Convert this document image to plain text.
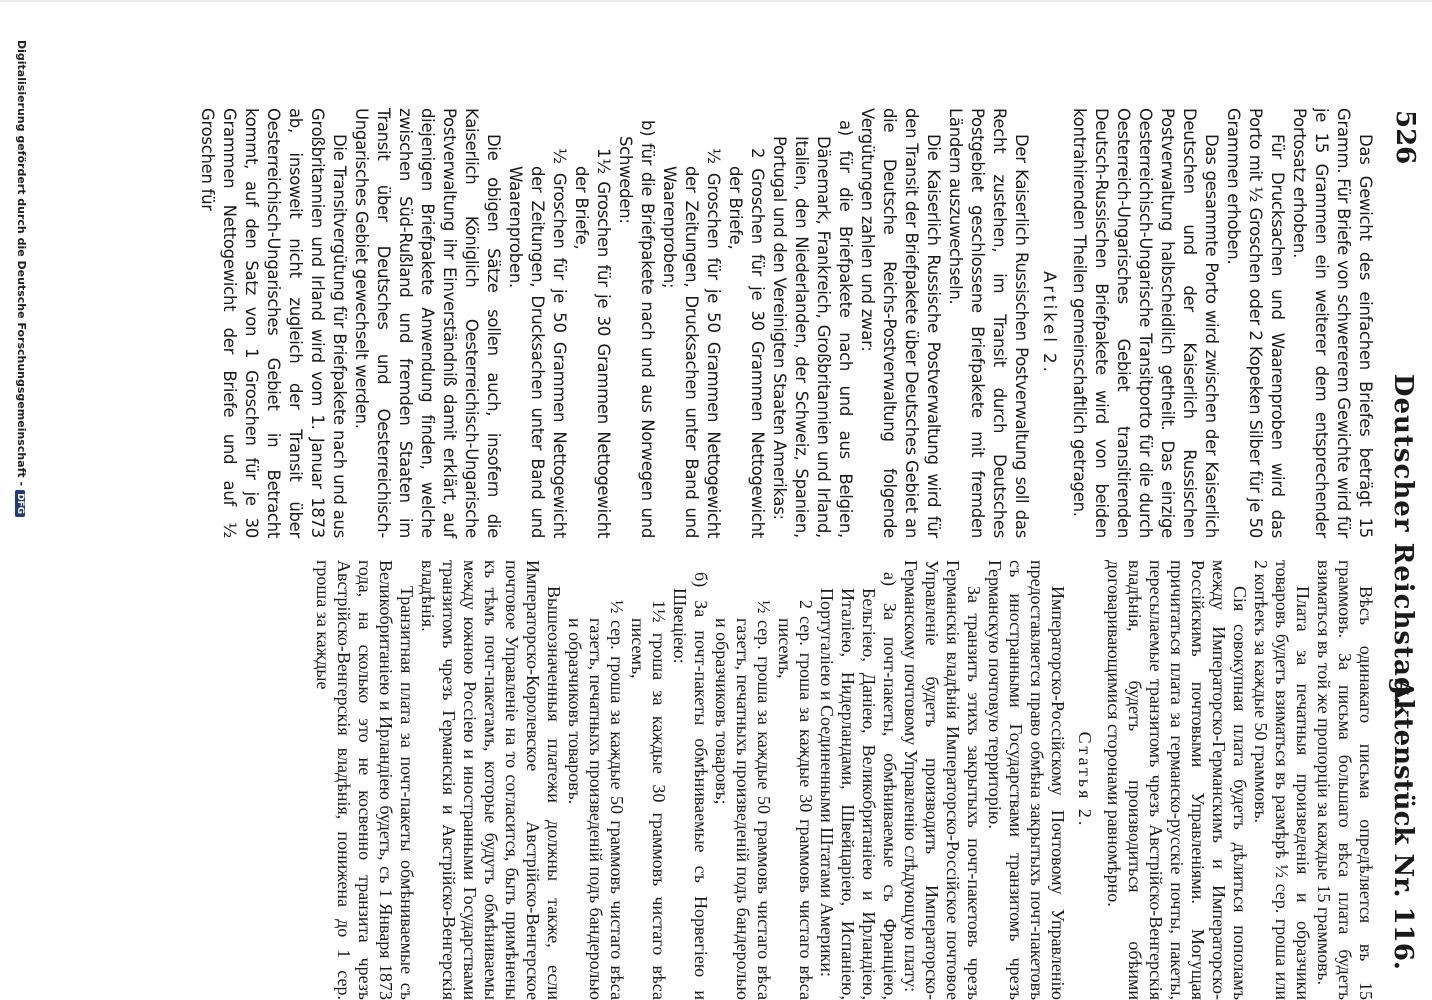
526
Deutscher Reichstag.
Aktenstück Nr. 116.

Das Gewicht des einfachen Briefes beträgt 15 Gramm. Für Briefe von schwererem Gewichte wird für je 15 Grammen ein weiterer dem entsprechender Portosatz erhoben.

Für Drucksachen und Waarenproben wird das Porto mit ½ Groschen oder 2 Kopeken Silber für je 50 Grammen erhoben.

Das gesammte Porto wird zwischen der Kaiserlich Deutschen und der Kaiserlich Russischen Postverwaltung halbscheidlich getheilt. Das einzige Oesterreichisch-Ungarische Transitporto für die durch Oesterreich-Ungarisches Gebiet transitirenden Deutsch-Russischen Briefpakete wird von beiden kontrahirenden Theilen gemeinschaftlich getragen.

Artikel 2.

Der Kaiserlich Russischen Postverwaltung soll das Recht zustehen, im Transit durch Deutsches Postgebiet geschlossene Briefpakete mit fremden Ländern auszuwechseln.

Die Kaiserlich Russische Postverwaltung wird für den Transit der Briefpakete über Deutsches Gebiet an die Deutsche Reichs-Postverwaltung folgende Vergütungen zahlen und zwar:

a) für die Briefpakete nach und aus Belgien, Dänemark, Frankreich, Großbritannien und Irland, Italien, den Niederlanden, der Schweiz, Spanien, Portugal und den Vereinigten Staaten Amerikas:

2 Groschen für je 30 Grammen Nettogewicht der Briefe,

½ Groschen für je 50 Grammen Nettogewicht der Zeitungen, Drucksachen unter Band und Waarenproben;

b) für die Briefpakete nach und aus Norwegen und Schweden:

1½ Groschen für je 30 Grammen Nettogewicht der Briefe,

½ Groschen für je 50 Grammen Nettogewicht der Zeitungen, Drucksachen unter Band und Waarenproben.

Die obigen Sätze sollen auch, insofern die Kaiserlich Königlich Oesterreichisch-Ungarische Postverwaltung ihr Einverständniß damit erklärt, auf diejenigen Briefpakete Anwendung finden, welche zwischen Süd-Rußland und fremden Staaten im Transit über Deutsches und Oesterreichisch-Ungarisches Gebiet gewechselt werden.

Die Transitvergütung für Briefpakete nach und aus Großbritannien und Irland wird vom 1. Januar 1873 ab, insoweit nicht zugleich der Transit über Oesterreichisch-Ungarisches Gebiet in Betracht kommt, auf den Satz von 1 Groschen für je 30 Grammen Nettogewicht der Briefe und auf ½ Groschen für

Вѣсъ одинакаго письма опредѣляется въ 15 граммовъ. За письма большаго вѣса плата будетъ взиматься въ той же пропорціи за каждые 15 граммовъ.

Плата за печатныя произведенія и образчики товаровъ будетъ взиматься въ размѣрѣ ½ сер. гроша или 2 копѣекъ за каждые 50 граммовъ.

Сія совокупная плата будетъ дѣлиться пополамъ между Императорско-Германскимъ и Императорско-Россійскимъ почтовыми Управленіями. Могущая причитаться плата за германско-русскіе почты, пакеты, пересылаемые транзитомъ чрезъ Австрійско-Венгерскія владѣнія, будетъ производиться обѣими договаривающимися сторонами равномѣрно.

Статья 2.

Императорско-Россійскому Почтовому Управленію предоставляется право обмѣна закрытыхъ почт-пакетовъ съ иностранными Государствами транзитомъ чрезъ Германскую почтовую территорію.

За транзитъ этихъ закрытыхъ почт-пакетовъ чрезъ Германскія владѣнія Императорско-Россійское почтовое Управленіе будетъ производить Императорско-Германскому почтовому Управленію слѣдующую плату:

а) За почт-пакеты, обмѣниваемые съ Франціею, Бельгіею, Даніею, Великобританіею и Ирландіею, Италіею, Нидерландами, Швейцаріею, Испаніею, Португаліею и Соединенными Штатами Америки:

2 сер. гроша за каждые 30 граммовъ чистаго вѣса писемъ,

½ сер. гроша за каждые 50 граммовъ чистаго вѣса газетъ, печатныхъ произведеній подъ бандеролью и образчиковъ товаровъ;

б) За почт-пакеты обмѣниваемые съ Норвегіею и Швеціею:

1½ гроша за каждые 30 граммовъ чистаго вѣса писемъ,

½ сер. гроша за каждые 50 граммовъ чистаго вѣса газетъ, печатныхъ произведеній подъ бандеролью и образчиковъ товаровъ.

Вышеозначенныя платежи должны также, если Императорско-Королевское Австрійско-Венгерское почтовое Управленіе на то согласится, быть примѣнены къ тѣмъ почт-пакетамъ, которые будутъ обмѣниваемы между южною Россіею и иностранными Государствами транзитомъ чрезъ Германскія и Австрійско-Венгерскія владѣнія.

Транзитная плата за почт-пакеты обмѣниваемые съ Великобританіею и Ирландіею будетъ, съ 1 Января 1873 года, на сколько это не косвенно транзита чрезъ Австрійско-Венгерскія владѣнія, понижена до 1 сер. гроша за каждые

Digitalisierung gefördert durch die Deutsche Forschungsgemeinschaft -DFG
